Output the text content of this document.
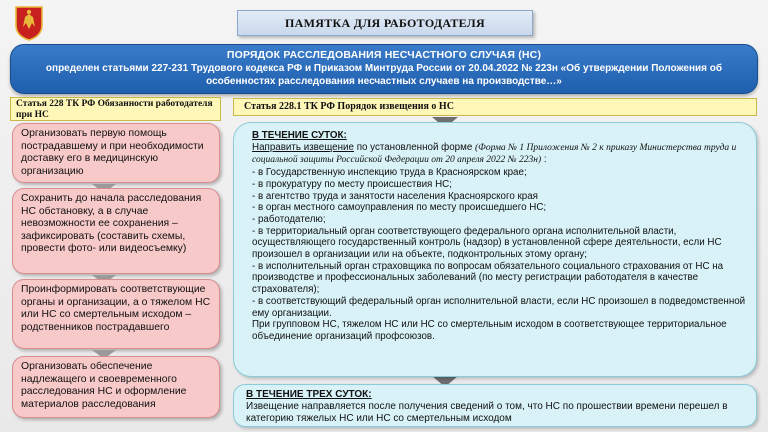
ПАМЯТКА ДЛЯ РАБОТОДАТЕЛЯ
ПОРЯДОК РАССЛЕДОВАНИЯ НЕСЧАСТНОГО СЛУЧАЯ (НС)
определен статьями 227-231 Трудового кодекса РФ и Приказом Минтруда России от 20.04.2022 № 223н «Об утверждении Положения об особенностях расследования несчастных случаев на производстве…»
Статья 228 ТК РФ Обязанности работодателя при НС
Статья 228.1 ТК РФ Порядок извещения о НС
Организовать первую помощь пострадавшему и при необходимости доставку его в медицинскую организацию
Сохранить до начала расследования НС обстановку, а в случае невозможности ее сохранения – зафиксировать (составить схемы, провести фото- или видеосъемку)
Проинформировать соответствующие органы и организации, а о тяжелом НС или НС со смертельным исходом – родственников пострадавшего
Организовать обеспечение надлежащего и своевременного расследования НС и оформление материалов расследования
В ТЕЧЕНИЕ СУТОК:
Направить извещение по установленной форме (Форма № 1 Приложения № 2 к приказу Министерства труда и социальной защиты Российской Федерации от 20 апреля 2022 № 223н) :
- в Государственную инспекцию труда в Красноярском крае;
- в прокуратуру по месту происшествия НС;
- в агентство труда и занятости населения Красноярского края
- в орган местного самоуправления по месту происшедшего НС;
- работодателю;
- в территориальный орган соответствующего федерального органа исполнительной власти, осуществляющего государственный контроль (надзор) в установленной сфере деятельности, если НС произошел в организации или на объекте, подконтрольных этому органу;
- в исполнительный орган страховщика по вопросам обязательного социального страхования от НС на производстве и профессиональных заболеваний (по месту регистрации работодателя в качестве страхователя);
- в соответствующий федеральный орган исполнительной власти, если НС произошел в подведомственной ему организации.
При групповом НС, тяжелом НС или НС со смертельным исходом в соответствующее территориальное объединение организаций профсоюзов.
В ТЕЧЕНИЕ ТРЕХ СУТОК:
Извещение направляется после получения сведений о том, что НС по прошествии времени перешел в категорию тяжелых НС или НС со смертельным исходом
